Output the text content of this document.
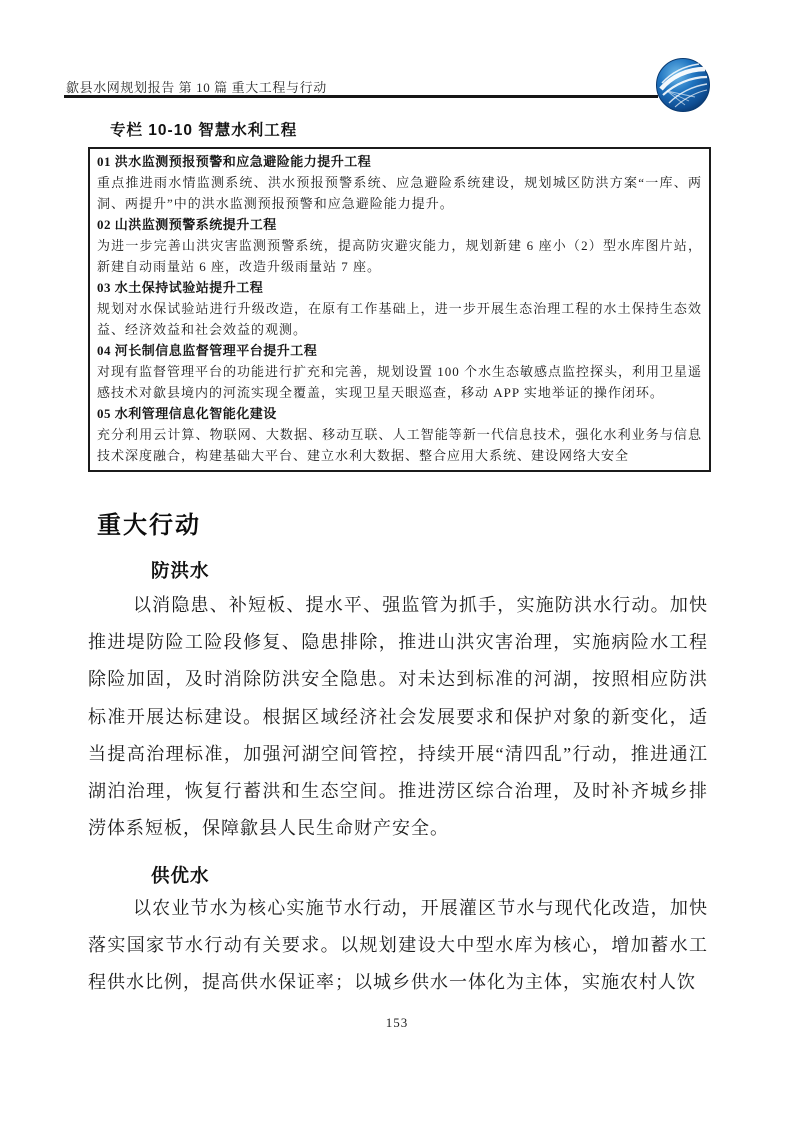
歙县水网规划报告 第 10 篇 重大工程与行动
专栏 10-10 智慧水利工程
01 洪水监测预报预警和应急避险能力提升工程
重点推进雨水情监测系统、洪水预报预警系统、应急避险系统建设，规划城区防洪方案“一库、两洞、两提升”中的洪水监测预报预警和应急避险能力提升。
02 山洪监测预警系统提升工程
为进一步完善山洪灾害监测预警系统，提高防灾避灾能力，规划新建 6 座小（2）型水库图片站，新建自动雨量站 6 座，改造升级雨量站 7 座。
03 水土保持试验站提升工程
规划对水保试验站进行升级改造，在原有工作基础上，进一步开展生态治理工程的水土保持生态效益、经济效益和社会效益的观测。
04 河长制信息监督管理平台提升工程
对现有监督管理平台的功能进行扩充和完善，规划设置 100 个水生态敏感点监控探头，利用卫星遥感技术对歙县境内的河流实现全覆盖，实现卫星天眼巡查，移动 APP 实地举证的操作闭环。
05 水利管理信息化智能化建设
充分利用云计算、物联网、大数据、移动互联、人工智能等新一代信息技术，强化水利业务与信息技术深度融合，构建基础大平台、建立水利大数据、整合应用大系统、建设网络大安全
重大行动
防洪水
以消隐患、补短板、提水平、强监管为抓手，实施防洪水行动。加快推进堤防险工险段修复、隐患排除，推进山洪灾害治理，实施病险水工程除险加固，及时消除防洪安全隐患。对未达到标准的河湖，按照相应防洪标准开展达标建设。根据区域经济社会发展要求和保护对象的新变化，适当提高治理标准，加强河湖空间管控，持续开展“清四乱”行动，推进通江湖泊治理，恢复行蓄洪和生态空间。推进涝区综合治理，及时补齐城乡排涝体系短板，保障歙县人民生命财产安全。
供优水
以农业节水为核心实施节水行动，开展灌区节水与现代化改造，加快落实国家节水行动有关要求。以规划建设大中型水库为核心，增加蓄水工程供水比例，提高供水保证率；以城乡供水一体化为主体，实施农村人饮
153
